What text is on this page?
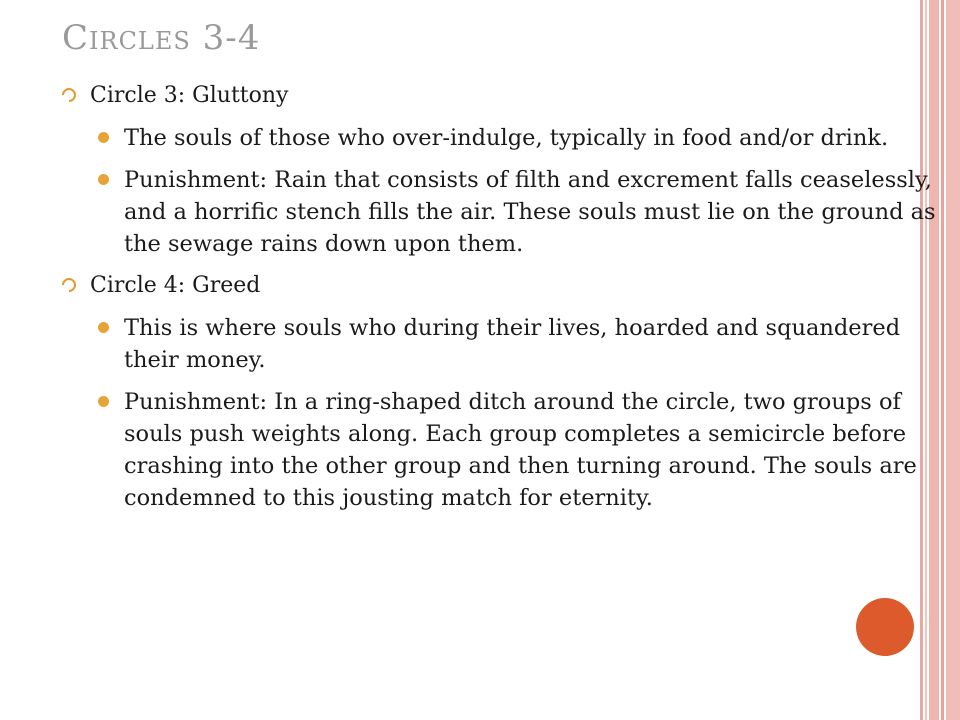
Circles 3-4
Circle 3: Gluttony
The souls of those who over-indulge, typically in food and/or drink.
Punishment: Rain that consists of filth and excrement falls ceaselessly, and a horrific stench fills the air. These souls must lie on the ground as the sewage rains down upon them.
Circle 4: Greed
This is where souls who during their lives, hoarded and squandered their money.
Punishment: In a ring-shaped ditch around the circle, two groups of souls push weights along. Each group completes a semicircle before crashing into the other group and then turning around. The souls are condemned to this jousting match for eternity.
